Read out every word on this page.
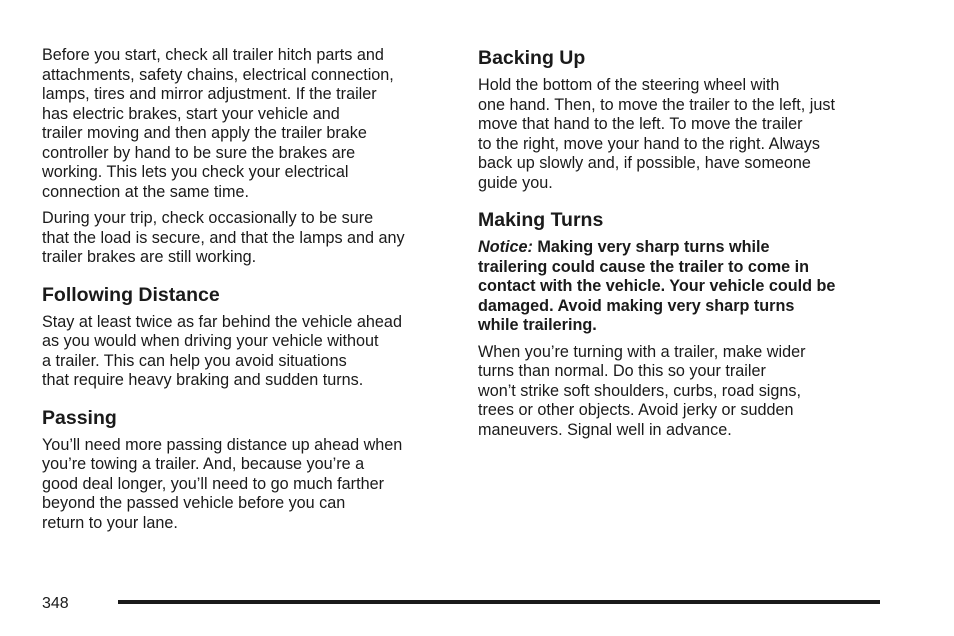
Before you start, check all trailer hitch parts and
attachments, safety chains, electrical connection,
lamps, tires and mirror adjustment. If the trailer
has electric brakes, start your vehicle and
trailer moving and then apply the trailer brake
controller by hand to be sure the brakes are
working. This lets you check your electrical
connection at the same time.

During your trip, check occasionally to be sure
that the load is secure, and that the lamps and any
trailer brakes are still working.

Following Distance

Stay at least twice as far behind the vehicle ahead
as you would when driving your vehicle without
a trailer. This can help you avoid situations
that require heavy braking and sudden turns.

Passing

You’ll need more passing distance up ahead when
you’re towing a trailer. And, because you’re a
good deal longer, you’ll need to go much farther
beyond the passed vehicle before you can
return to your lane.

Backing Up

Hold the bottom of the steering wheel with
one hand. Then, to move the trailer to the left, just
move that hand to the left. To move the trailer
to the right, move your hand to the right. Always
back up slowly and, if possible, have someone
guide you.

Making Turns

Notice: Making very sharp turns while
trailering could cause the trailer to come in
contact with the vehicle. Your vehicle could be
damaged. Avoid making very sharp turns
while trailering.

When you’re turning with a trailer, make wider
turns than normal. Do this so your trailer
won’t strike soft shoulders, curbs, road signs,
trees or other objects. Avoid jerky or sudden
maneuvers. Signal well in advance.

348
